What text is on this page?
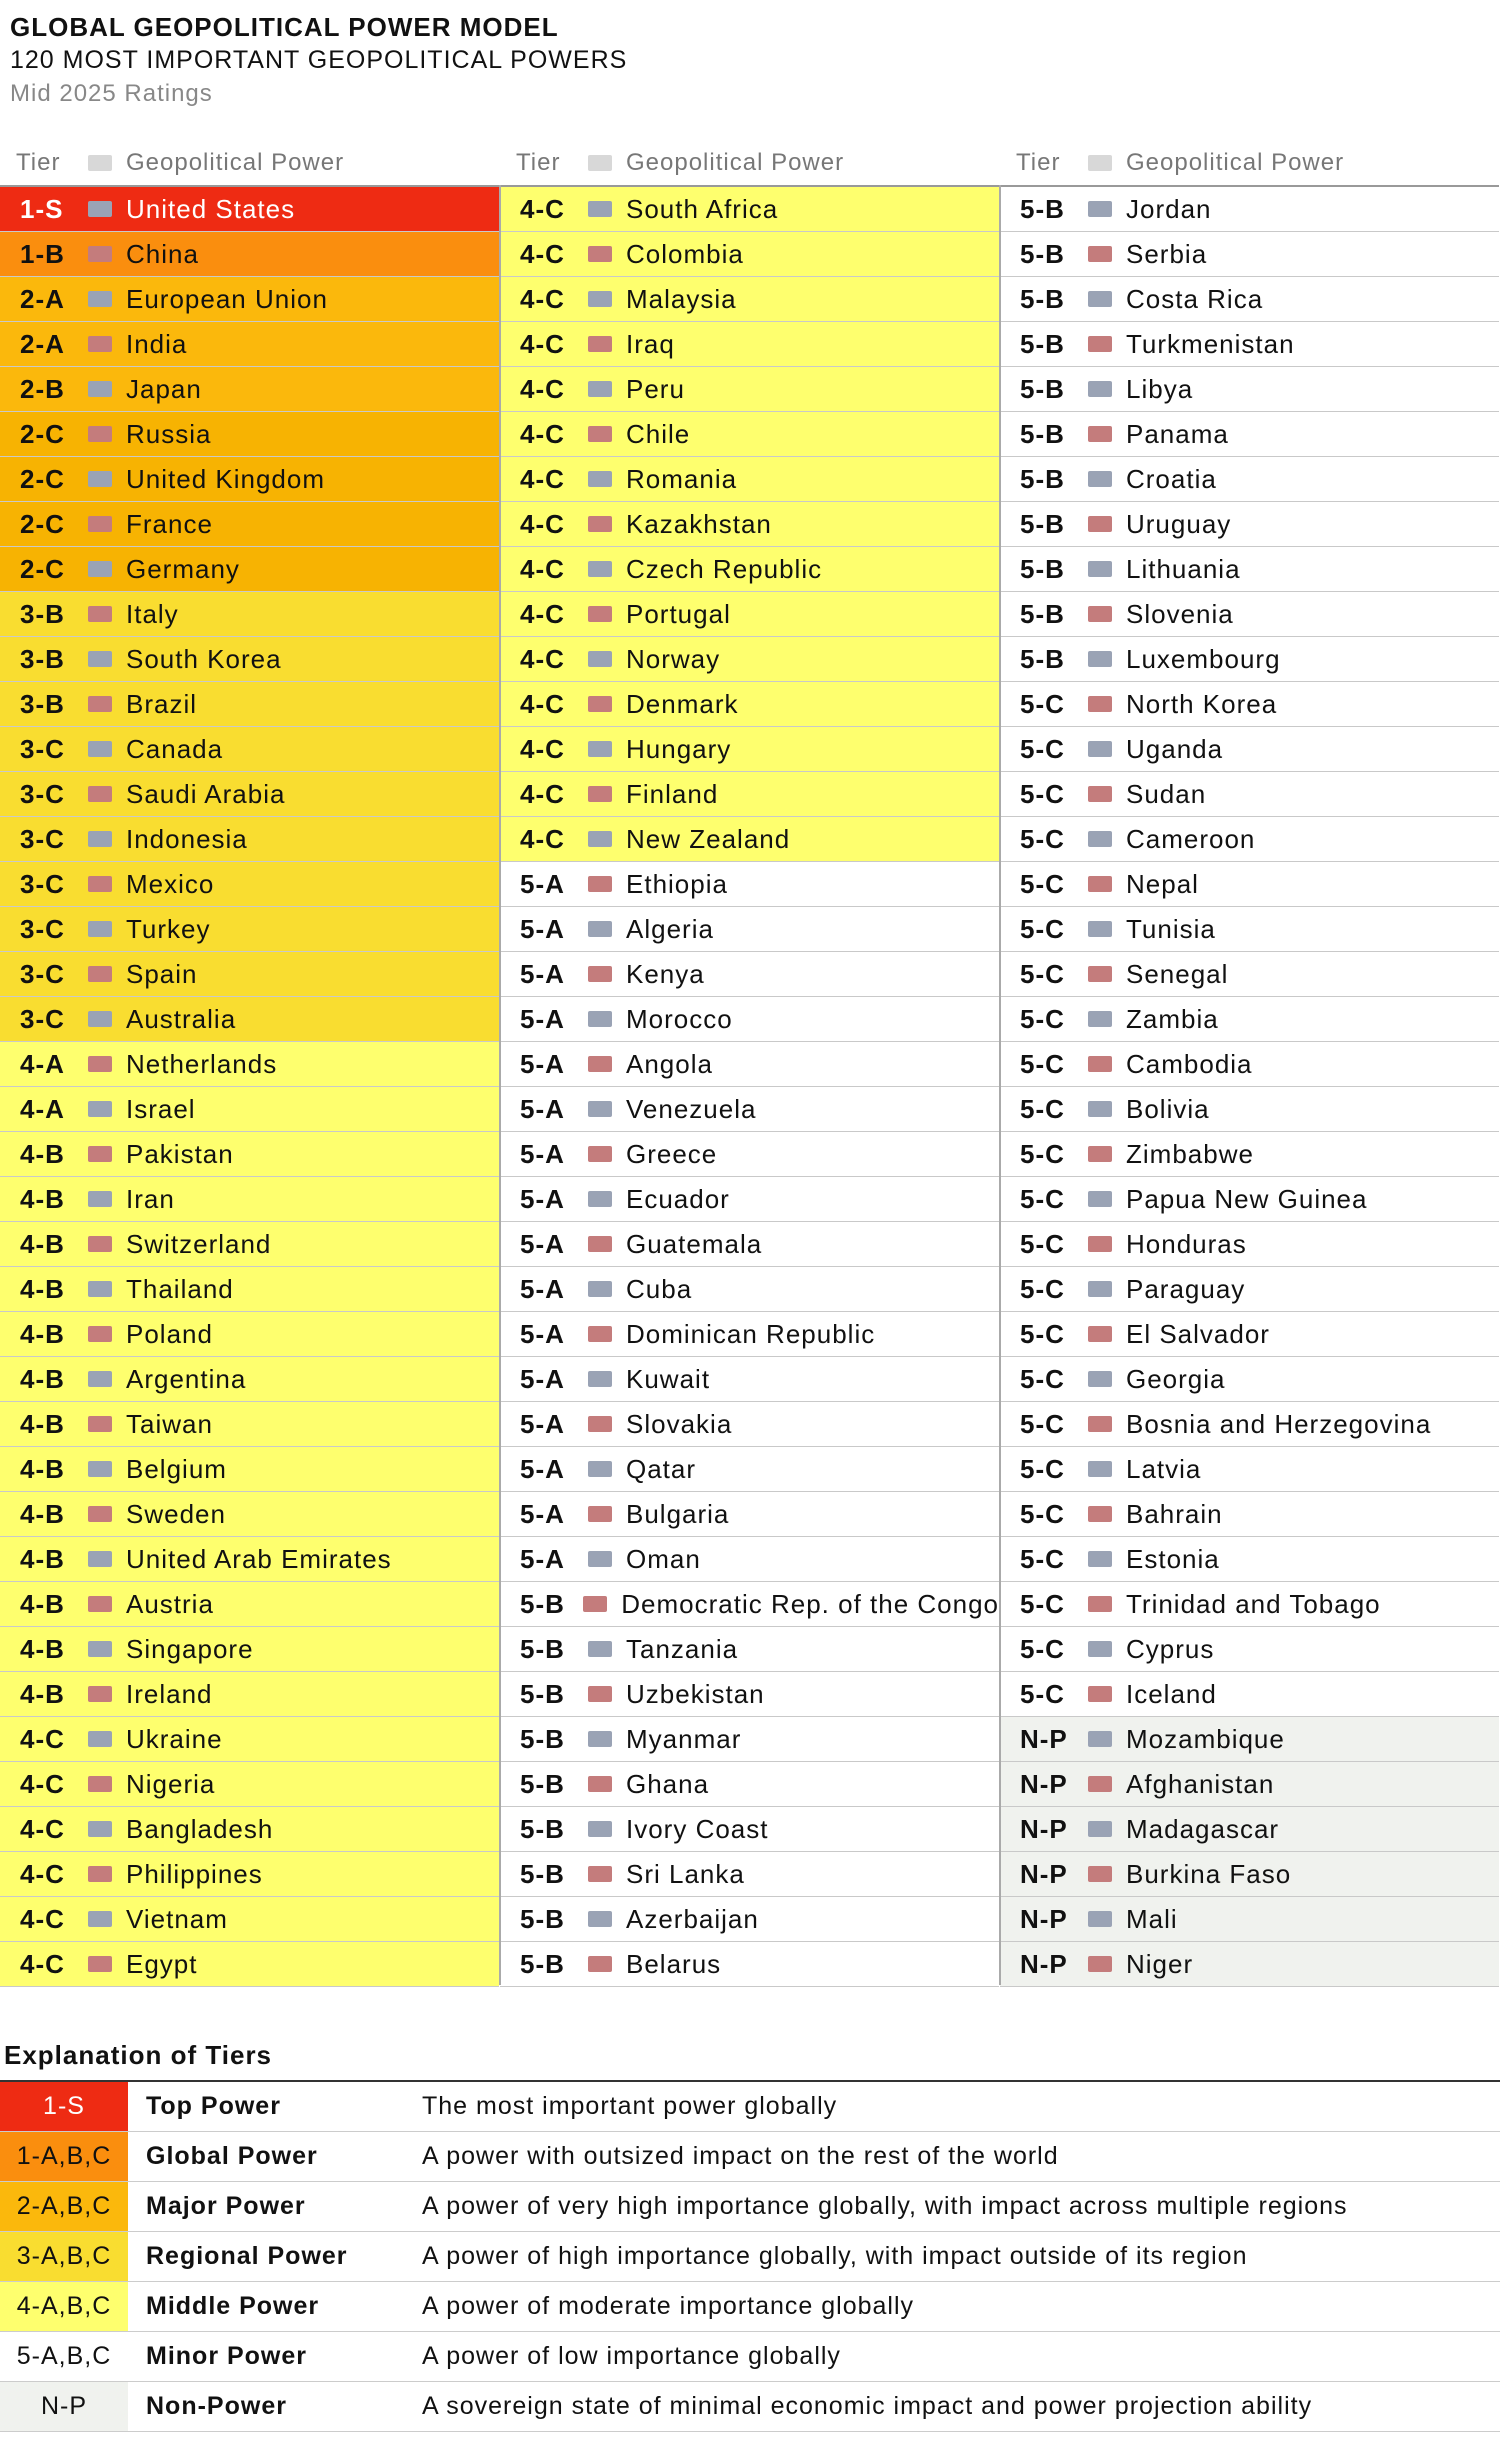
GLOBAL GEOPOLITICAL POWER MODEL
120 MOST IMPORTANT GEOPOLITICAL POWERS
Mid 2025 Ratings
Tier	Geopolitical Power
1-S	United States
1-B	China
2-A	European Union
2-A	India
2-B	Japan
2-C	Russia
2-C	United Kingdom
2-C	France
2-C	Germany
3-B	Italy
3-B	South Korea
3-B	Brazil
3-C	Canada
3-C	Saudi Arabia
3-C	Indonesia
3-C	Mexico
3-C	Turkey
3-C	Spain
3-C	Australia
4-A	Netherlands
4-A	Israel
4-B	Pakistan
4-B	Iran
4-B	Switzerland
4-B	Thailand
4-B	Poland
4-B	Argentina
4-B	Taiwan
4-B	Belgium
4-B	Sweden
4-B	United Arab Emirates
4-B	Austria
4-B	Singapore
4-B	Ireland
4-C	Ukraine
4-C	Nigeria
4-C	Bangladesh
4-C	Philippines
4-C	Vietnam
4-C	Egypt
Tier	Geopolitical Power
4-C	South Africa
4-C	Colombia
4-C	Malaysia
4-C	Iraq
4-C	Peru
4-C	Chile
4-C	Romania
4-C	Kazakhstan
4-C	Czech Republic
4-C	Portugal
4-C	Norway
4-C	Denmark
4-C	Hungary
4-C	Finland
4-C	New Zealand
5-A	Ethiopia
5-A	Algeria
5-A	Kenya
5-A	Morocco
5-A	Angola
5-A	Venezuela
5-A	Greece
5-A	Ecuador
5-A	Guatemala
5-A	Cuba
5-A	Dominican Republic
5-A	Kuwait
5-A	Slovakia
5-A	Qatar
5-A	Bulgaria
5-A	Oman
5-B	Democratic Rep. of the Congo
5-B	Tanzania
5-B	Uzbekistan
5-B	Myanmar
5-B	Ghana
5-B	Ivory Coast
5-B	Sri Lanka
5-B	Azerbaijan
5-B	Belarus
Tier	Geopolitical Power
5-B	Jordan
5-B	Serbia
5-B	Costa Rica
5-B	Turkmenistan
5-B	Libya
5-B	Panama
5-B	Croatia
5-B	Uruguay
5-B	Lithuania
5-B	Slovenia
5-B	Luxembourg
5-C	North Korea
5-C	Uganda
5-C	Sudan
5-C	Cameroon
5-C	Nepal
5-C	Tunisia
5-C	Senegal
5-C	Zambia
5-C	Cambodia
5-C	Bolivia
5-C	Zimbabwe
5-C	Papua New Guinea
5-C	Honduras
5-C	Paraguay
5-C	El Salvador
5-C	Georgia
5-C	Bosnia and Herzegovina
5-C	Latvia
5-C	Bahrain
5-C	Estonia
5-C	Trinidad and Tobago
5-C	Cyprus
5-C	Iceland
N-P	Mozambique
N-P	Afghanistan
N-P	Madagascar
N-P	Burkina Faso
N-P	Mali
N-P	Niger
Explanation of Tiers
1-S	Top Power	The most important power globally
1-A,B,C	Global Power	A power with outsized impact on the rest of the world
2-A,B,C	Major Power	A power of very high importance globally, with impact across multiple regions
3-A,B,C	Regional Power	A power of high importance globally, with impact outside of its region
4-A,B,C	Middle Power	A power of moderate importance globally
5-A,B,C	Minor Power	A power of low importance globally
N-P	Non-Power	A sovereign state of minimal economic impact and power projection ability
